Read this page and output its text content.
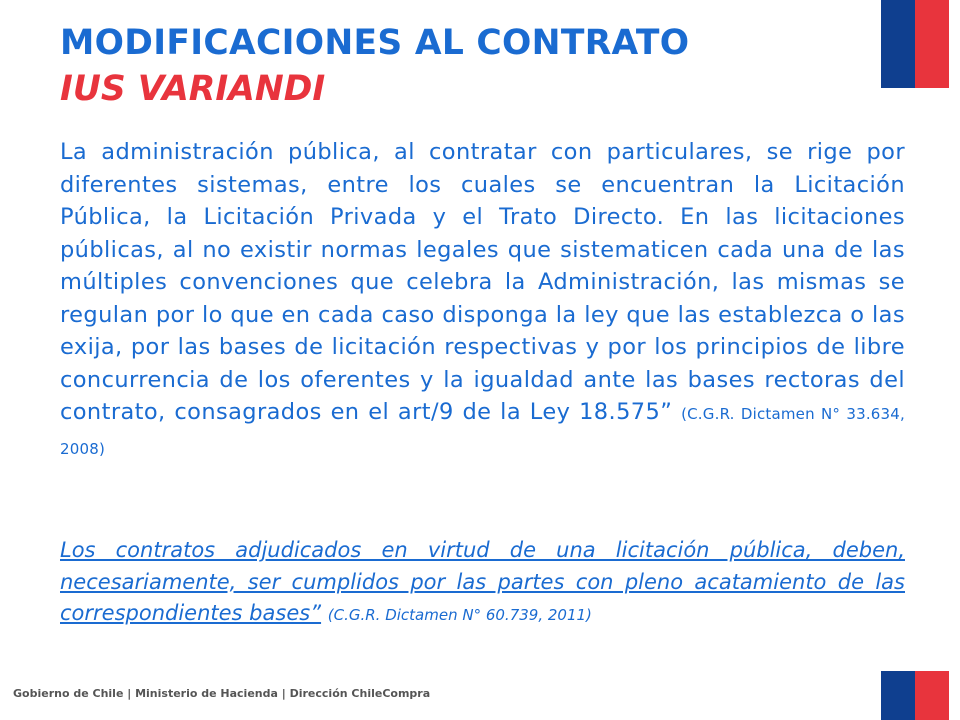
MODIFICACIONES AL CONTRATO
IUS VARIANDI

La administración pública, al contratar con particulares, se rige por diferentes sistemas, entre los cuales se encuentran la Licitación Pública, la Licitación Privada y el Trato Directo. En las licitaciones públicas, al no existir normas legales que sistematicen cada una de las múltiples convenciones que celebra la Administración, las mismas se regulan por lo que en cada caso disponga la ley que las establezca o las exija, por las bases de licitación respectivas y por los principios de libre concurrencia de los oferentes y la igualdad ante las bases rectoras del contrato, consagrados en el art/9 de la Ley 18.575” (C.G.R. Dictamen N° 33.634, 2008)

Los contratos adjudicados en virtud de una licitación pública, deben, necesariamente, ser cumplidos por las partes con pleno acatamiento de las correspondientes bases” (C.G.R. Dictamen N° 60.739, 2011)

Gobierno de Chile | Ministerio de Hacienda | Dirección ChileCompra
